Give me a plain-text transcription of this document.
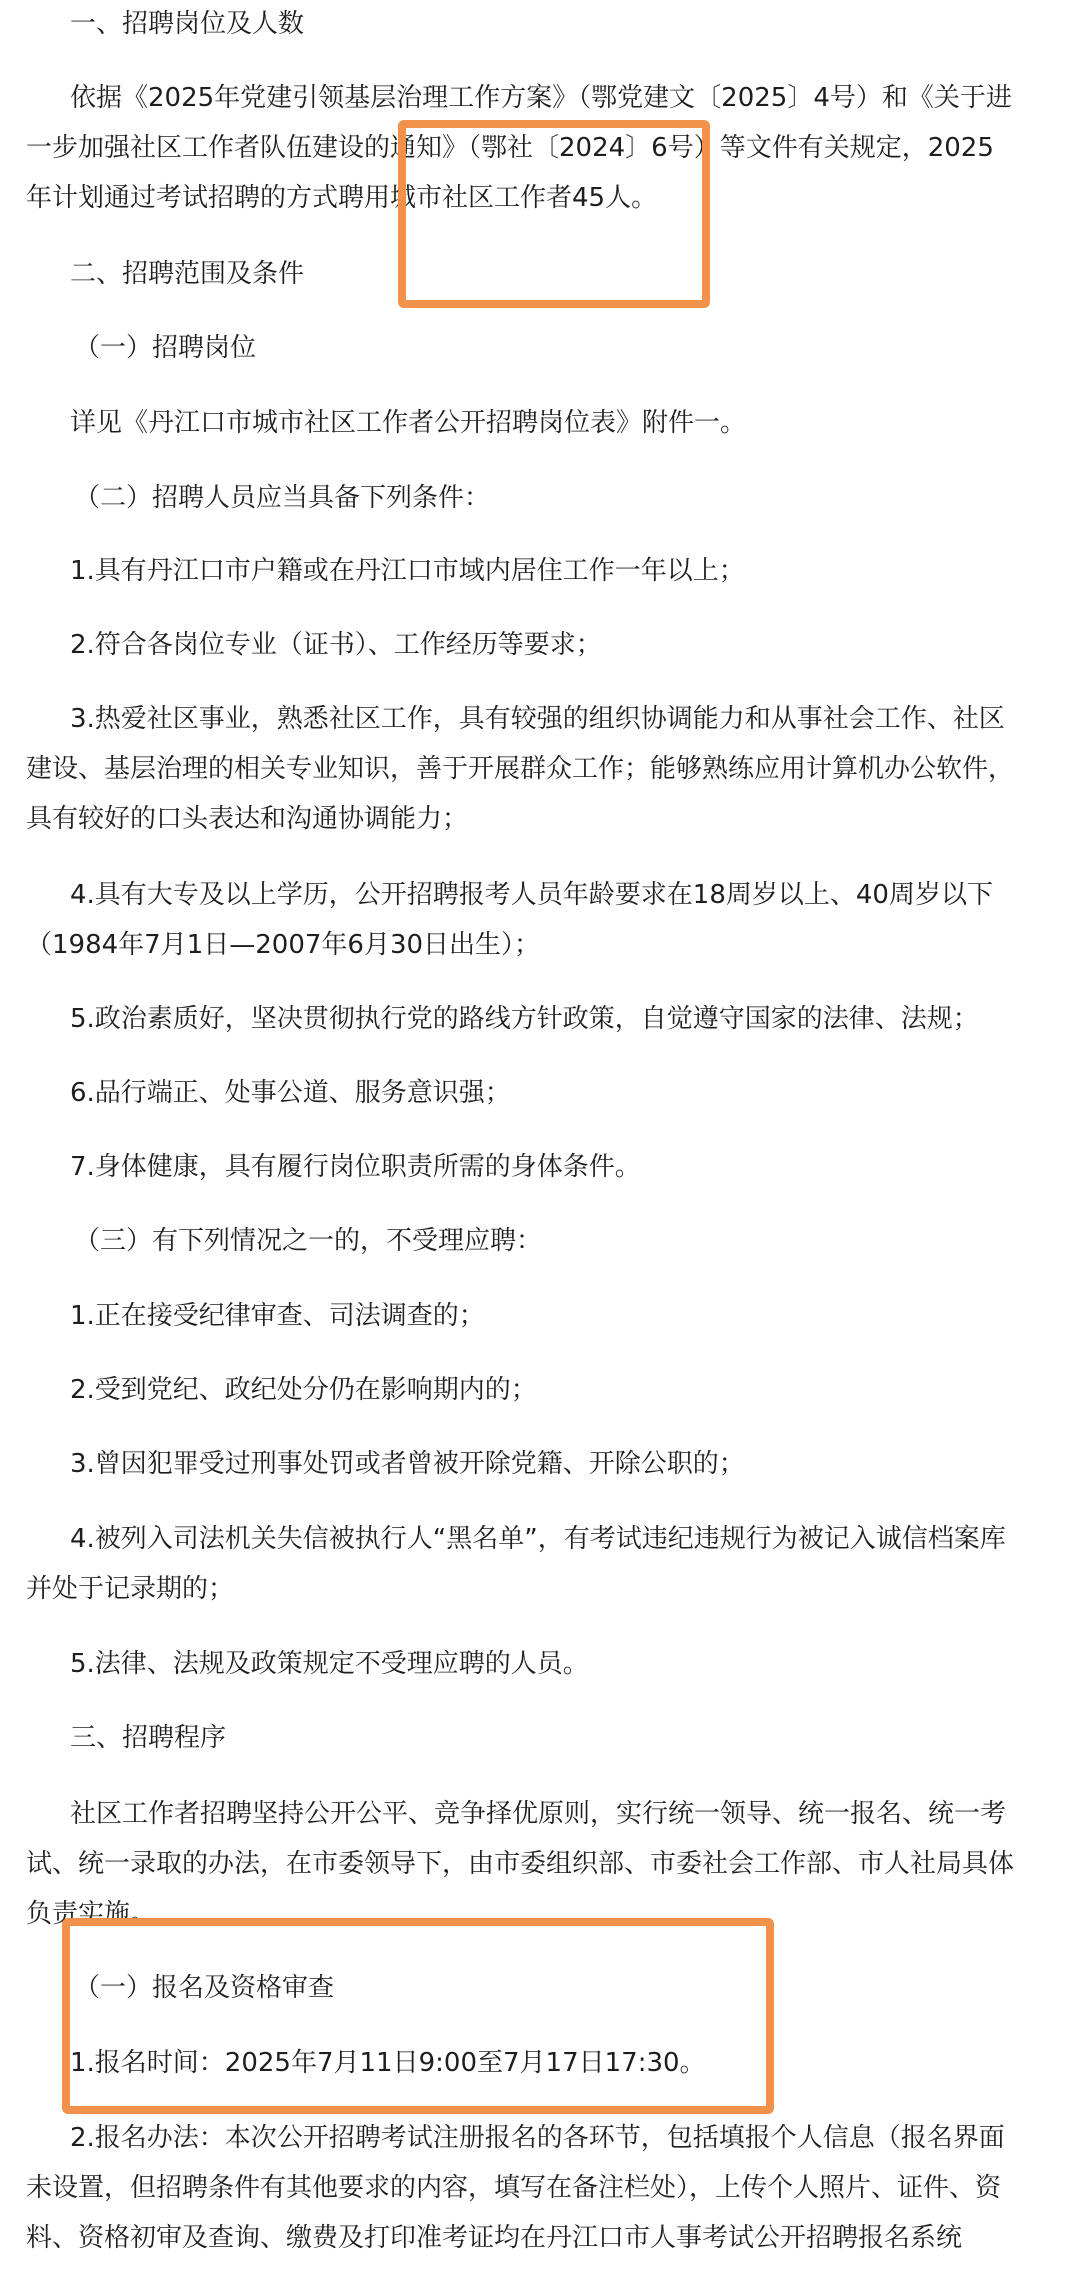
一、招聘岗位及人数

依据《2025年党建引领基层治理工作方案》（鄂党建文〔2025〕4号）和《关于进

一步加强社区工作者队伍建设的通知》（鄂社〔2024〕6号）等文件有关规定，2025

年计划通过考试招聘的方式聘用城市社区工作者45人。

二、招聘范围及条件

（一）招聘岗位

详见《丹江口市城市社区工作者公开招聘岗位表》附件一。

（二）招聘人员应当具备下列条件：

1.具有丹江口市户籍或在丹江口市域内居住工作一年以上；

2.符合各岗位专业（证书）、工作经历等要求；

3.热爱社区事业，熟悉社区工作，具有较强的组织协调能力和从事社会工作、社区

建设、基层治理的相关专业知识，善于开展群众工作；能够熟练应用计算机办公软件，

具有较好的口头表达和沟通协调能力；

4.具有大专及以上学历，公开招聘报考人员年龄要求在18周岁以上、40周岁以下

（1984年7月1日—2007年6月30日出生）；

5.政治素质好，坚决贯彻执行党的路线方针政策，自觉遵守国家的法律、法规；

6.品行端正、处事公道、服务意识强；

7.身体健康，具有履行岗位职责所需的身体条件。

（三）有下列情况之一的，不受理应聘：

1.正在接受纪律审查、司法调查的；

2.受到党纪、政纪处分仍在影响期内的；

3.曾因犯罪受过刑事处罚或者曾被开除党籍、开除公职的；

4.被列入司法机关失信被执行人“黑名单”，有考试违纪违规行为被记入诚信档案库

并处于记录期的；

5.法律、法规及政策规定不受理应聘的人员。

三、招聘程序

社区工作者招聘坚持公开公平、竞争择优原则，实行统一领导、统一报名、统一考

试、统一录取的办法，在市委领导下，由市委组织部、市委社会工作部、市人社局具体

负责实施。

（一）报名及资格审查

1.报名时间：2025年7月11日9:00至7月17日17:30。

2.报名办法：本次公开招聘考试注册报名的各环节，包括填报个人信息（报名界面

未设置，但招聘条件有其他要求的内容，填写在备注栏处），上传个人照片、证件、资

料、资格初审及查询、缴费及打印准考证均在丹江口市人事考试公开招聘报名系统
